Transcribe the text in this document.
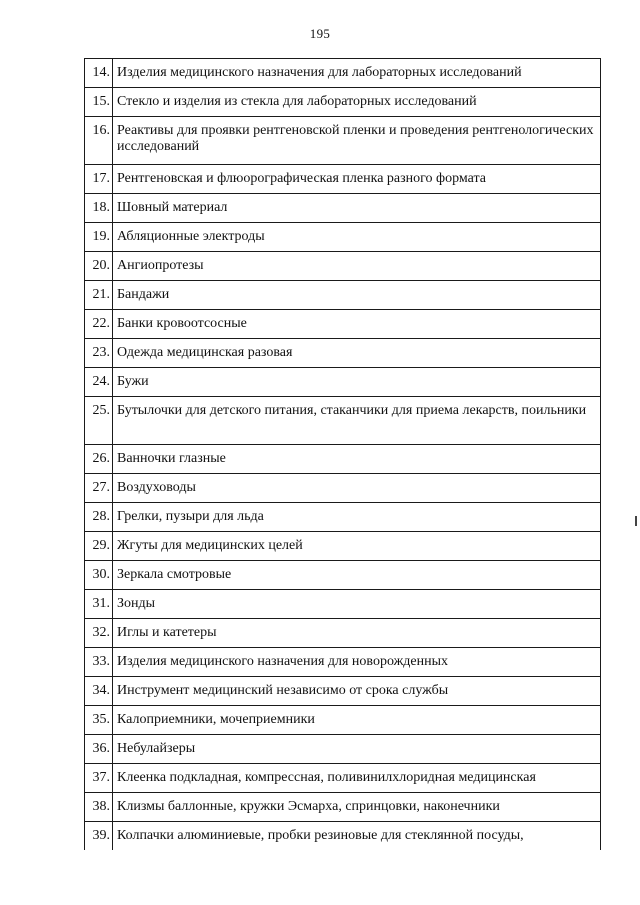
195
14.	Изделия медицинского назначения для лабораторных исследований
15.	Стекло и изделия из стекла для лабораторных исследований
16.	Реактивы для проявки рентгеновской пленки и проведения рентгенологических исследований
17.	Рентгеновская и флюорографическая пленка разного формата
18.	Шовный материал
19.	Абляционные электроды
20.	Ангиопротезы
21.	Бандажи
22.	Банки кровоотсосные
23.	Одежда медицинская разовая
24.	Бужи
25.	Бутылочки для детского питания, стаканчики для приема лекарств, поильники
26.	Ванночки глазные
27.	Воздуховоды
28.	Грелки, пузыри для льда
29.	Жгуты для медицинских целей
30.	Зеркала смотровые
31.	Зонды
32.	Иглы и катетеры
33.	Изделия медицинского назначения для новорожденных
34.	Инструмент медицинский независимо от срока службы
35.	Калоприемники, мочеприемники
36.	Небулайзеры
37.	Клеенка подкладная, компрессная, поливинилхлоридная медицинская
38.	Клизмы баллонные, кружки Эсмарха, спринцовки, наконечники
39.	Колпачки алюминиевые, пробки резиновые для стеклянной посуды,
